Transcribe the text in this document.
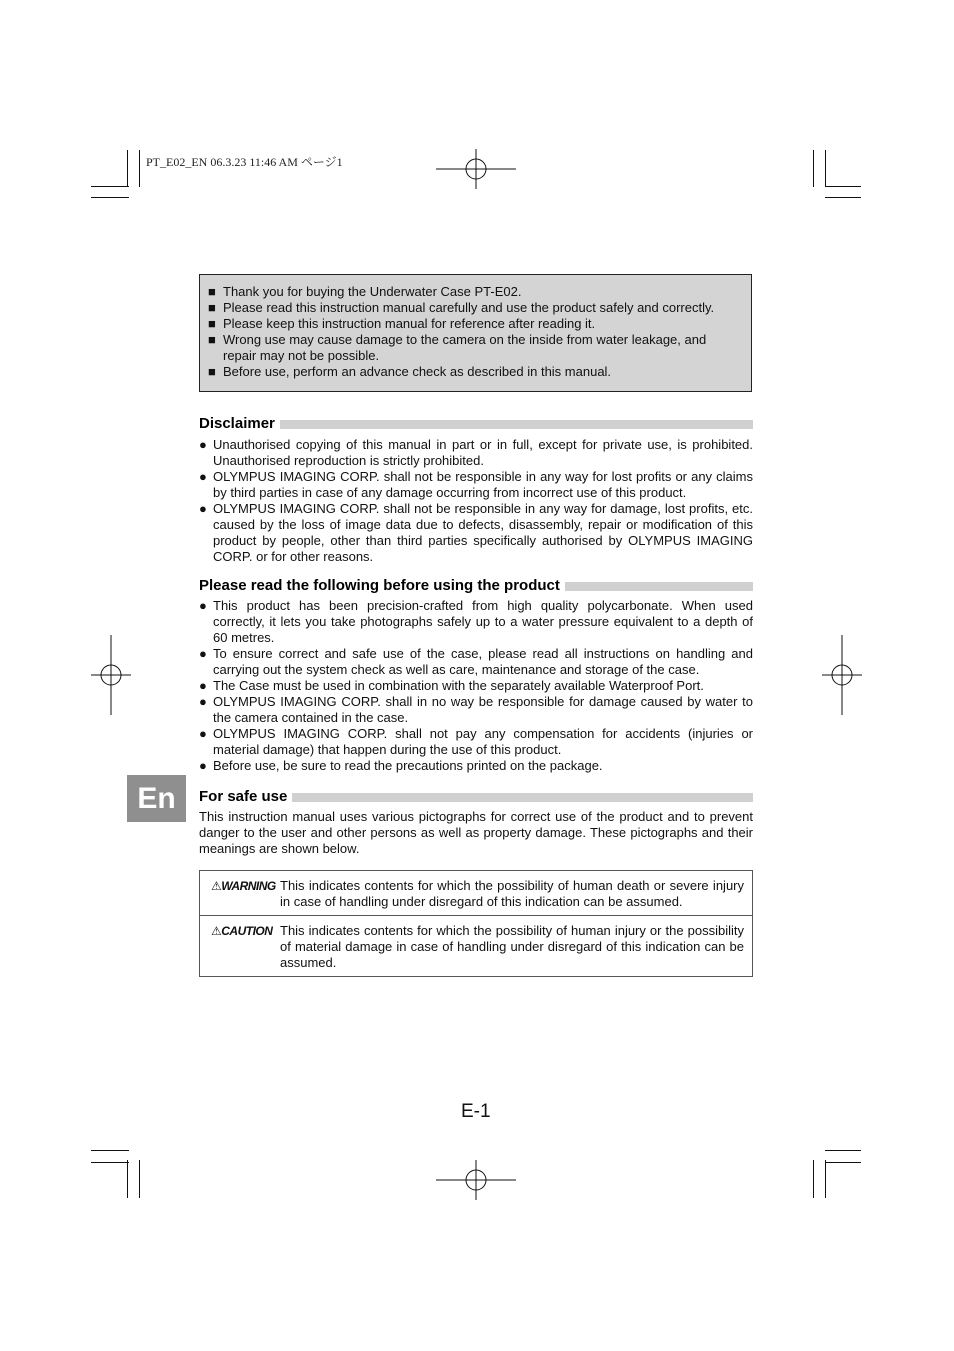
PT_E02_EN 06.3.23 11:46 AM ページ1
■ Thank you for buying the Underwater Case PT-E02.
■ Please read this instruction manual carefully and use the product safely and correctly.
■ Please keep this instruction manual for reference after reading it.
■ Wrong use may cause damage to the camera on the inside from water leakage, and repair may not be possible.
■ Before use, perform an advance check as described in this manual.
Disclaimer
● Unauthorised copying of this manual in part or in full, except for private use, is prohibited. Unauthorised reproduction is strictly prohibited.
● OLYMPUS IMAGING CORP. shall not be responsible in any way for lost profits or any claims by third parties in case of any damage occurring from incorrect use of this product.
● OLYMPUS IMAGING CORP. shall not be responsible in any way for damage, lost profits, etc. caused by the loss of image data due to defects, disassembly, repair or modification of this product by people, other than third parties specifically authorised by OLYMPUS IMAGING CORP. or for other reasons.
Please read the following before using the product
● This product has been precision-crafted from high quality polycarbonate. When used correctly, it lets you take photographs safely up to a water pressure equivalent to a depth of 60 metres.
● To ensure correct and safe use of the case, please read all instructions on handling and carrying out the system check as well as care, maintenance and storage of the case.
● The Case must be used in combination with the separately available Waterproof Port.
● OLYMPUS IMAGING CORP. shall in no way be responsible for damage caused by water to the camera contained in the case.
● OLYMPUS IMAGING CORP. shall not pay any compensation for accidents (injuries or material damage) that happen during the use of this product.
● Before use, be sure to read the precautions printed on the package.
En	For safe use
This instruction manual uses various pictographs for correct use of the product and to prevent danger to the user and other persons as well as property damage. These pictographs and their meanings are shown below.
⚠WARNING This indicates contents for which the possibility of human death or severe injury in case of handling under disregard of this indication can be assumed.
⚠CAUTION This indicates contents for which the possibility of human injury or the possibility of material damage in case of handling under disregard of this indication can be assumed.
E-1
